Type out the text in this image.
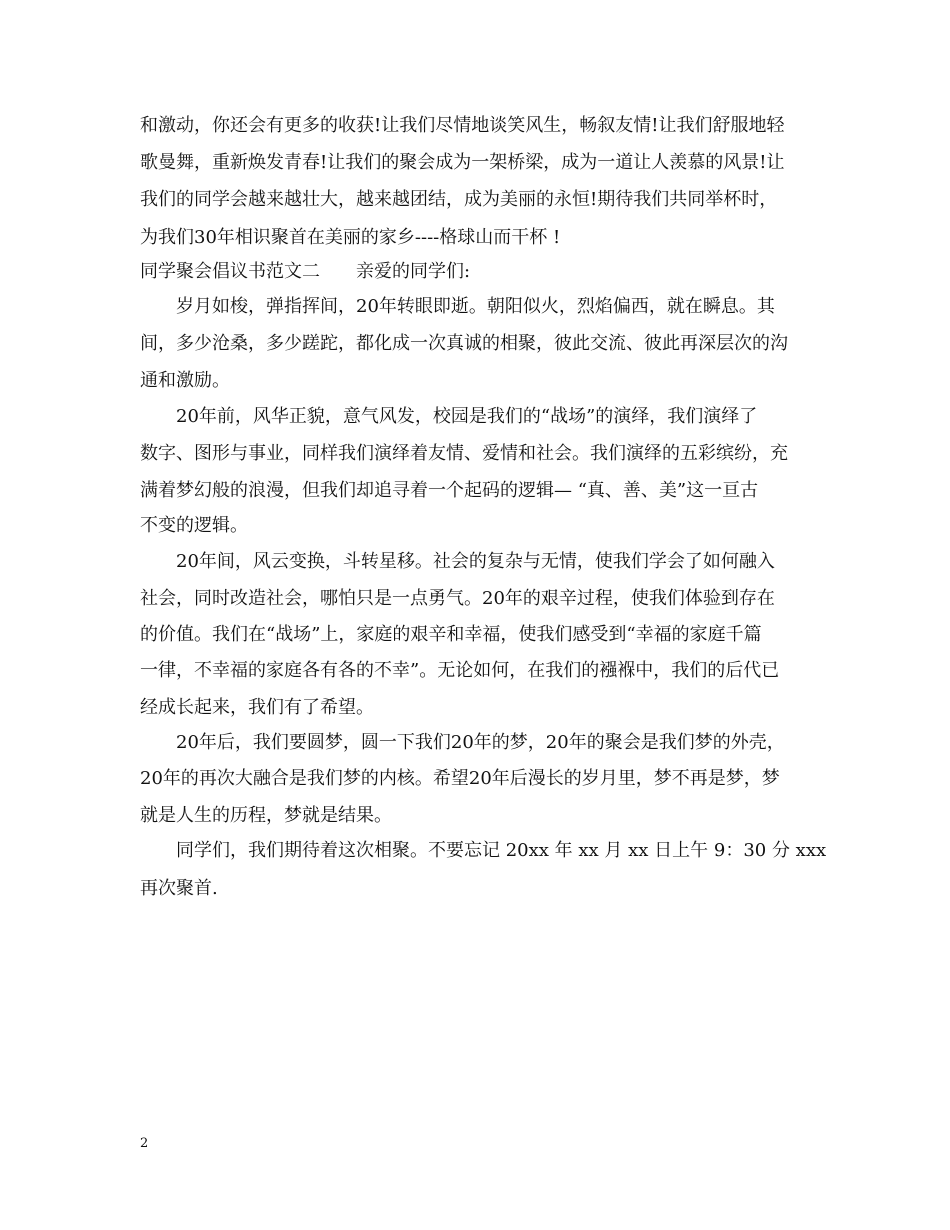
和激动，你还会有更多的收获!让我们尽情地谈笑风生，畅叙友情!让我们舒服地轻
歌曼舞，重新焕发青春!让我们的聚会成为一架桥梁，成为一道让人羡慕的风景!让
我们的同学会越来越壮大，越来越团结，成为美丽的永恒!期待我们共同举杯时，
为我们30年相识聚首在美丽的家乡----格球山而干杯 !
同学聚会倡议书范文二　　亲爱的同学们:
　　岁月如梭，弹指挥间，20年转眼即逝。朝阳似火，烈焰偏西，就在瞬息。其
间，多少沧桑，多少蹉跎，都化成一次真诚的相聚，彼此交流、彼此再深层次的沟
通和激励。
　　20年前，风华正貌，意气风发，校园是我们的“战场”的演绎，我们演绎了
数字、图形与事业，同样我们演绎着友情、爱情和社会。我们演绎的五彩缤纷，充
满着梦幻般的浪漫，但我们却追寻着一个起码的逻辑— “真、善、美”这一亘古
不变的逻辑。
　　20年间，风云变换，斗转星移。社会的复杂与无情，使我们学会了如何融入
社会，同时改造社会，哪怕只是一点勇气。20年的艰辛过程，使我们体验到存在
的价值。我们在“战场”上，家庭的艰辛和幸福，使我们感受到“幸福的家庭千篇
一律，不幸福的家庭各有各的不幸”。无论如何，在我们的襁褓中，我们的后代已
经成长起来，我们有了希望。
　　20年后，我们要圆梦，圆一下我们20年的梦，20年的聚会是我们梦的外壳，
20年的再次大融合是我们梦的内核。希望20年后漫长的岁月里，梦不再是梦，梦
就是人生的历程，梦就是结果。
　　同学们，我们期待着这次相聚。不要忘记 20xx 年 xx 月 xx 日上午 9：30 分 xxx
再次聚首.
2
